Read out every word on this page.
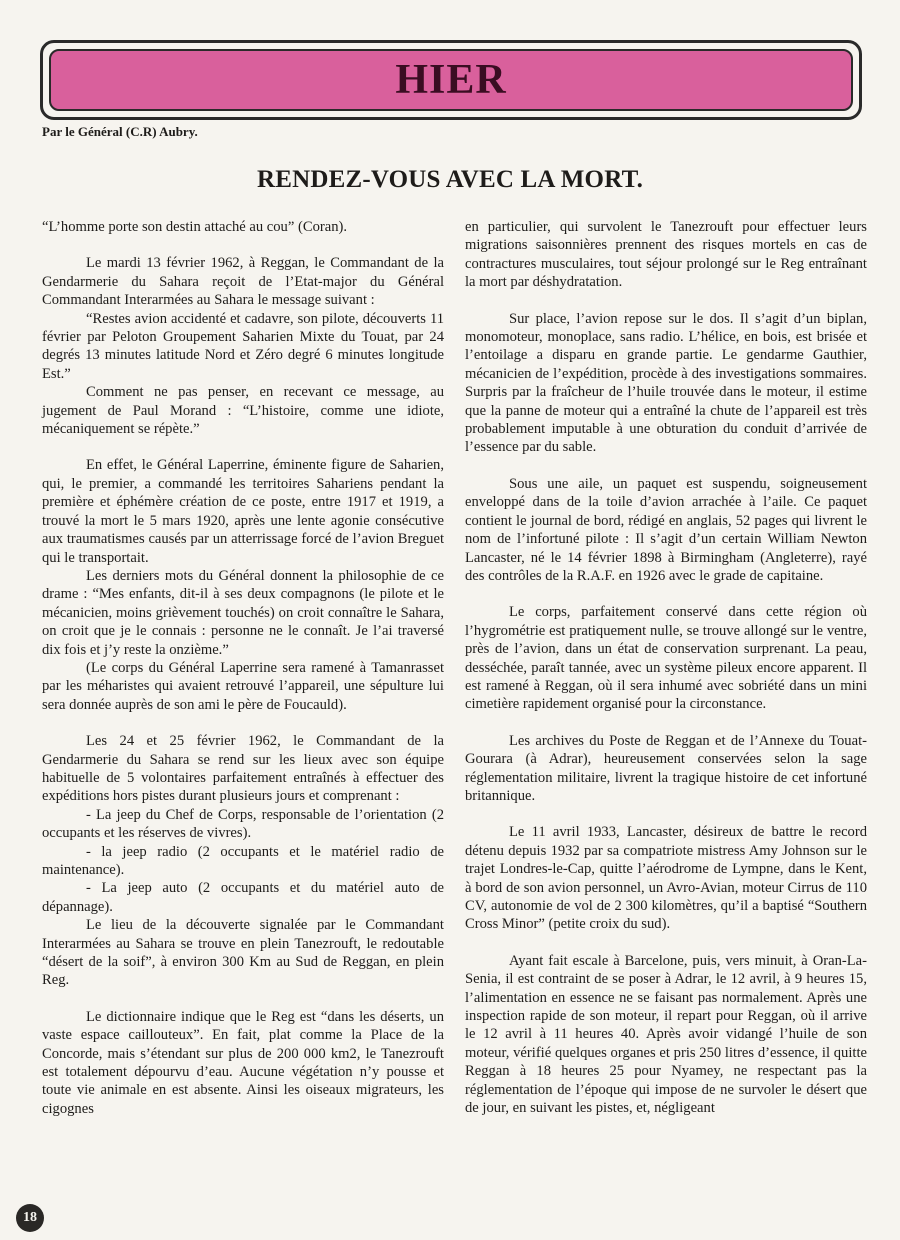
HIER
Par le Général (C.R) Aubry.
RENDEZ-VOUS AVEC LA MORT.

“L’homme porte son destin attaché au cou” (Coran).

Le mardi 13 février 1962, à Reggan, le Commandant de la Gendarmerie du Sahara reçoit de l’Etat-major du Général Commandant Interarmées au Sahara le message suivant :

“Restes avion accidenté et cadavre, son pilote, découverts 11 février par Peloton Groupement Saharien Mixte du Touat, par 24 degrés 13 minutes latitude Nord et Zéro degré 6 minutes longitude Est.”

Comment ne pas penser, en recevant ce message, au jugement de Paul Morand : “L’histoire, comme une idiote, mécaniquement se répète.”

En effet, le Général Laperrine, éminente figure de Saharien, qui, le premier, a commandé les territoires Sahariens pendant la première et éphémère création de ce poste, entre 1917 et 1919, a trouvé la mort le 5 mars 1920, après une lente agonie consécutive aux traumatismes causés par un atterrissage forcé de l’avion Breguet qui le transportait.

Les derniers mots du Général donnent la philosophie de ce drame : “Mes enfants, dit-il à ses deux compagnons (le pilote et le mécanicien, moins grièvement touchés) on croit connaître le Sahara, on croit que je le connais : personne ne le connaît. Je l’ai traversé dix fois et j’y reste la onzième.”

(Le corps du Général Laperrine sera ramené à Tamanrasset par les méharistes qui avaient retrouvé l’appareil, une sépulture lui sera donnée auprès de son ami le père de Foucauld).

Les 24 et 25 février 1962, le Commandant de la Gendarmerie du Sahara se rend sur les lieux avec son équipe habituelle de 5 volontaires parfaitement entraînés à effectuer des expéditions hors pistes durant plusieurs jours et comprenant :

- La jeep du Chef de Corps, responsable de l’orientation (2 occupants et les réserves de vivres).

- la jeep radio (2 occupants et le matériel radio de maintenance).

- La jeep auto (2 occupants et du matériel auto de dépannage).

Le lieu de la découverte signalée par le Commandant Interarmées au Sahara se trouve en plein Tanezrouft, le redoutable “désert de la soif”, à environ 300 Km au Sud de Reggan, en plein Reg.

Le dictionnaire indique que le Reg est “dans les déserts, un vaste espace caillouteux”. En fait, plat comme la Place de la Concorde, mais s’étendant sur plus de 200 000 km2, le Tanezrouft est totalement dépourvu d’eau. Aucune végétation n’y pousse et toute vie animale en est absente. Ainsi les oiseaux migrateurs, les cigognes

en particulier, qui survolent le Tanezrouft pour effectuer leurs migrations saisonnières prennent des risques mortels en cas de contractures musculaires, tout séjour prolongé sur le Reg entraînant la mort par déshydratation.

Sur place, l’avion repose sur le dos. Il s’agit d’un biplan, monomoteur, monoplace, sans radio. L’hélice, en bois, est brisée et l’entoilage a disparu en grande partie. Le gendarme Gauthier, mécanicien de l’expédition, procède à des investigations sommaires. Surpris par la fraîcheur de l’huile trouvée dans le moteur, il estime que la panne de moteur qui a entraîné la chute de l’appareil est très probablement imputable à une obturation du conduit d’arrivée de l’essence par du sable.

Sous une aile, un paquet est suspendu, soigneusement enveloppé dans de la toile d’avion arrachée à l’aile. Ce paquet contient le journal de bord, rédigé en anglais, 52 pages qui livrent le nom de l’infortuné pilote : Il s’agit d’un certain William Newton Lancaster, né le 14 février 1898 à Birmingham (Angleterre), rayé des contrôles de la R.A.F. en 1926 avec le grade de capitaine.

Le corps, parfaitement conservé dans cette région où l’hygrométrie est pratiquement nulle, se trouve allongé sur le ventre, près de l’avion, dans un état de conservation surprenant. La peau, desséchée, paraît tannée, avec un système pileux encore apparent. Il est ramené à Reggan, où il sera inhumé avec sobriété dans un mini cimetière rapidement organisé pour la circonstance.

Les archives du Poste de Reggan et de l’Annexe du Touat-Gourara (à Adrar), heureusement conservées selon la sage réglementation militaire, livrent la tragique histoire de cet infortuné britannique.

Le 11 avril 1933, Lancaster, désireux de battre le record détenu depuis 1932 par sa compatriote mistress Amy Johnson sur le trajet Londres-le-Cap, quitte l’aérodrome de Lympne, dans le Kent, à bord de son avion personnel, un Avro-Avian, moteur Cirrus de 110 CV, autonomie de vol de 2 300 kilomètres, qu’il a baptisé “Southern Cross Minor” (petite croix du sud).

Ayant fait escale à Barcelone, puis, vers minuit, à Oran-La-Senia, il est contraint de se poser à Adrar, le 12 avril, à 9 heures 15, l’alimentation en essence ne se faisant pas normalement. Après une inspection rapide de son moteur, il repart pour Reggan, où il arrive le 12 avril à 11 heures 40. Après avoir vidangé l’huile de son moteur, vérifié quelques organes et pris 250 litres d’essence, il quitte Reggan à 18 heures 25 pour Nyamey, ne respectant pas la réglementation de l’époque qui impose de ne survoler le désert que de jour, en suivant les pistes, et, négligeant

18
